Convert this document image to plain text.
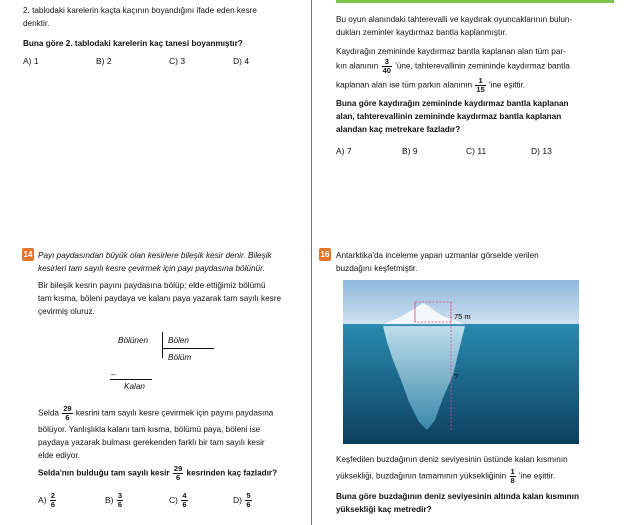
2. tablodaki karelerin kaçta kaçının boyandığını ifade eden kesre

denktir.

Buna göre 2. tablodaki karelerin kaç tanesi boyanmıştır?

A) 1	B) 2	C) 3	D) 4
14 Payı paydasından büyük olan kesirlere bileşik kesir denir. Bileşik

kesirleri tam sayılı kesre çevirmek için payı paydasına bölünür.

Bir bileşik kesrin payını paydasına bölüp; elde ettiğimiz bölümü

tam kısma, böleni paydaya ve kalanı paya yazarak tam sayılı kesre

çevirmiş oluruz.

Bölünen Bölen
Bölüm
–
Kalan

Selda $\frac{29}{6}$ kesrini tam sayılı kesre çevirmek için payını paydasına

bölüyor. Yanlışlıkla kalanı tam kısma, bölümü paya, böleni ise

paydaya yazarak bulması gerekenden farklı bir tam sayılı kesir

elde ediyor.

Selda'nın bulduğu tam sayılı kesir $\frac{29}{6}$ kesrinden kaç fazladır?

$A) \frac{2}{6}$	$B) \frac{3}{6}$	$C) \frac{4}{6}$	$D) \frac{5}{6}$

Bu oyun alanındaki tahterevalli ve kaydırak oyuncaklarının bulun-

dukları zeminler kaydırmaz bantla kaplanmıştır.

Kaydırağın zemininde kaydırmaz bantla kaplanan alan tüm par-

kın alanının $\frac{3}{40}$ 'üne, tahterevallinin zemininde kaydırmaz bantla

kaplanan alan ise tüm parkın alanının $\frac{1}{15}$ 'ine eşittir.

Buna göre kaydırağın zemininde kaydırmaz bantla kaplanan

alan, tahterevallinin zemininde kaydırmaz bantla kaplanan

alandan kaç metrekare fazladır?

A) 7	B) 9	C) 11	D) 13
16 Antarktika'da inceleme yapan uzmanlar görselde verilen

buzdağını keşfetmiştir.

75 m
?

Keşfedilen buzdağının deniz seviyesinin üstünde kalan kısmının

yüksekliği, buzdağının tamamının yüksekliğinin $\frac{1}{8}$ 'ine eşittir.

Buna göre buzdağının deniz seviyesinin altında kalan kısmının

yüksekliği kaç metredir?
